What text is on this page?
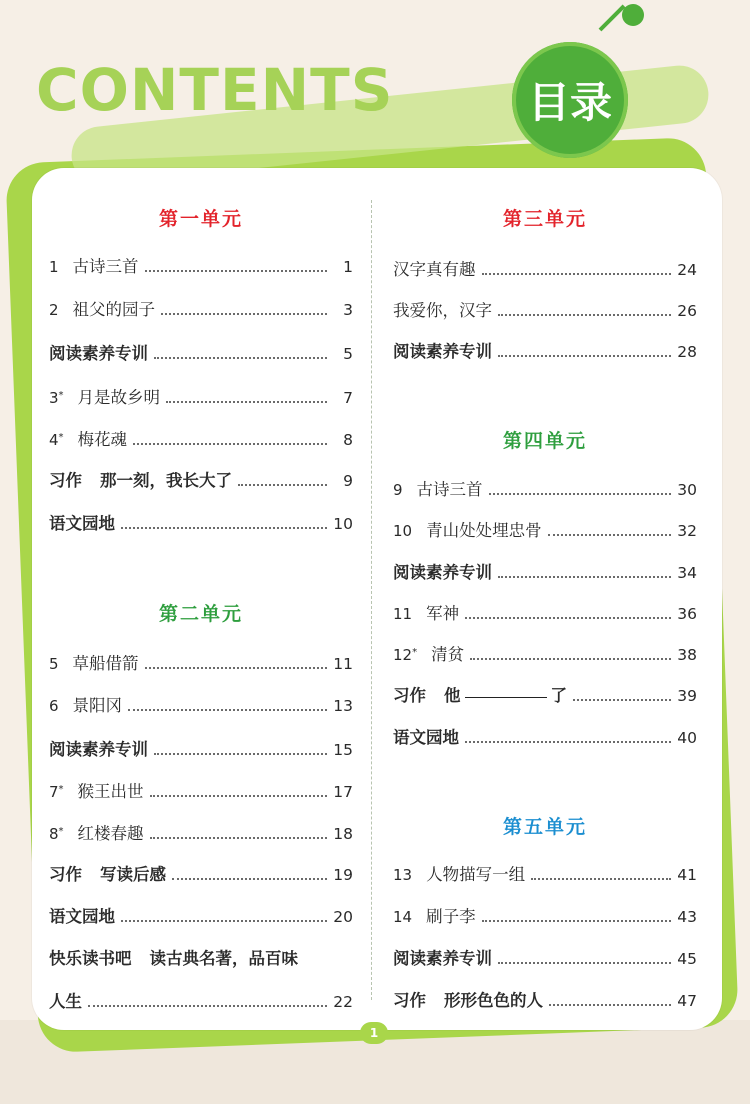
CONTENTS	目录
第一单元
1 古诗三首	1
2 祖父的园子	3
阅读素养专训	5
3* 月是故乡明	7
4* 梅花魂	8
习作 那一刻，我长大了	9
语文园地	10
第二单元
5 草船借箭	11
6 景阳冈	13
阅读素养专训	15
7* 猴王出世	17
8* 红楼春趣	18
习作 写读后感	19
语文园地	20
快乐读书吧 读古典名著，品百味
人生	22
第三单元
汉字真有趣	24
我爱你，汉字	26
阅读素养专训	28
第四单元
9 古诗三首	30
10 青山处处埋忠骨	32
阅读素养专训	34
11 军神	36
12* 清贫	38
习作 他	了	39
语文园地	40
第五单元
13 人物描写一组	41
14 刷子李	43
阅读素养专训	45
习作 形形色色的人	47
1
